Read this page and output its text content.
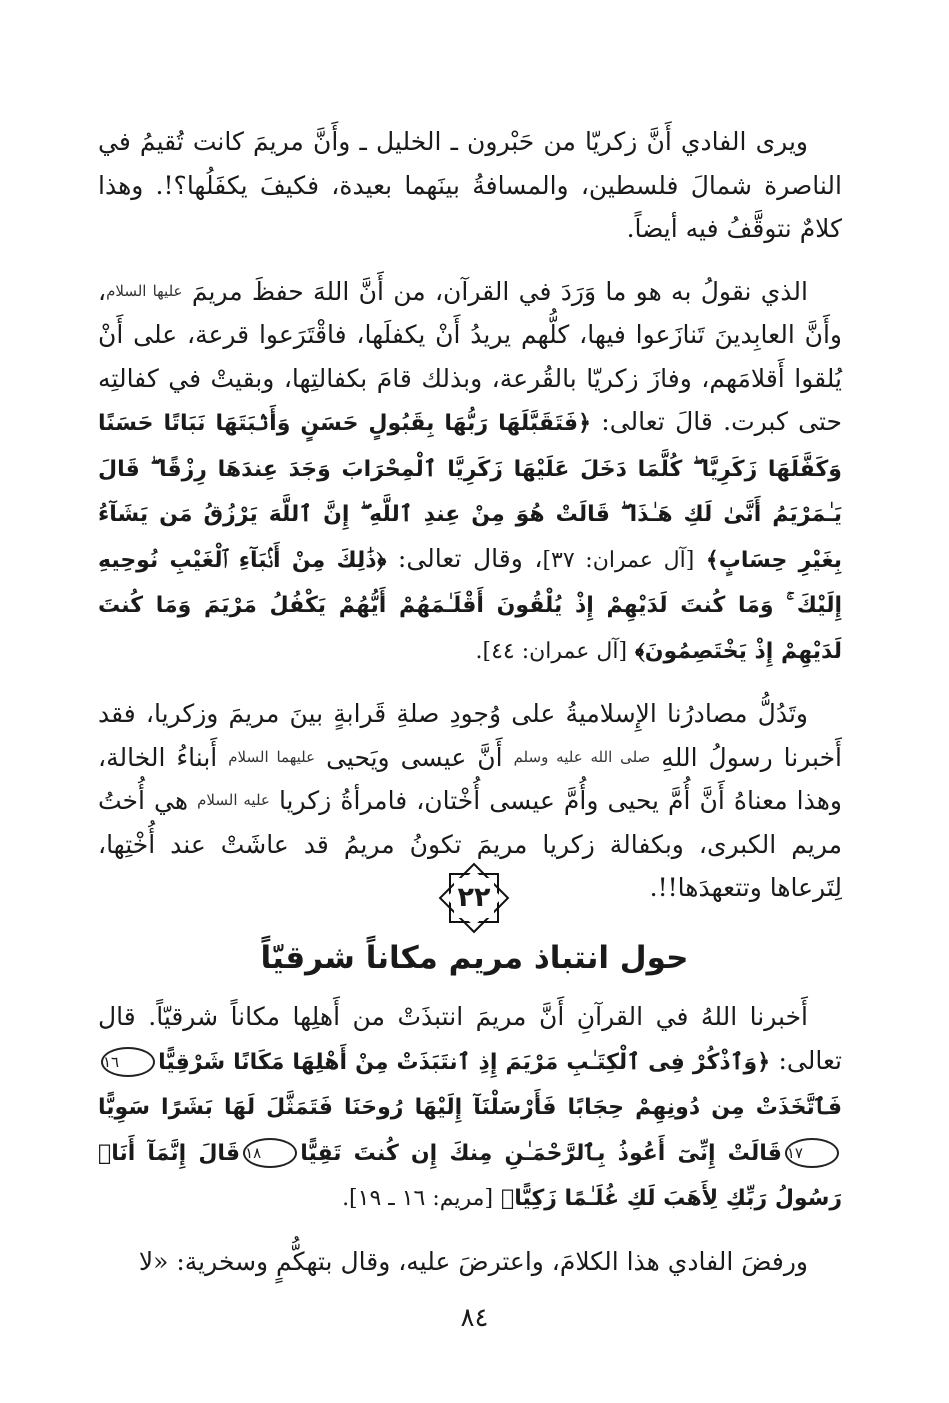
ويرى الفادي أَنَّ زكريّا من حَبْرون ـ الخليل ـ وأَنَّ مريمَ كانت تُقيمُ في الناصرة شمالَ فلسطين، والمسافةُ بينَهما بعيدة، فكيفَ يكفَلُها؟!. وهذا كلامٌ نتوقَّفُ فيه أيضاً.

الذي نقولُ به هو ما وَرَدَ في القرآن، من أَنَّ اللهَ حفظَ مريمَ عليها السلام، وأَنَّ العابِدينَ تَنازَعوا فيها، كلُّهم يريدُ أَنْ يكفلَها، فاقْتَرَعوا قرعة، على أَنْ يُلقوا أَقلامَهم، وفازَ زكريّا بالقُرعة، وبذلك قامَ بكفالتِها، وبقيتْ في كفالتِه حتى كبرت. قالَ تعالى: ﴿فَتَقَبَّلَهَا رَبُّهَا بِقَبُولٍ حَسَنٍ وَأَنۢبَتَهَا نَبَاتًا حَسَنًا وَكَفَّلَهَا زَكَرِيَّا ۖ كُلَّمَا دَخَلَ عَلَيْهَا زَكَرِيَّا ٱلْمِحْرَابَ وَجَدَ عِندَهَا رِزْقًا ۖ قَالَ يَـٰمَرْيَمُ أَنَّىٰ لَكِ هَـٰذَا ۖ قَالَتْ هُوَ مِنْ عِندِ ٱللَّهِ ۖ إِنَّ ٱللَّهَ يَرْزُقُ مَن يَشَآءُ بِغَيْرِ حِسَابٍ﴾ [آل عمران: ٣٧]، وقال تعالى: ﴿ذَٰلِكَ مِنْ أَنۢبَآءِ ٱلْغَيْبِ نُوحِيهِ إِلَيْكَ ۚ وَمَا كُنتَ لَدَيْهِمْ إِذْ يُلْقُونَ أَقْلَـٰمَهُمْ أَيُّهُمْ يَكْفُلُ مَرْيَمَ وَمَا كُنتَ لَدَيْهِمْ إِذْ يَخْتَصِمُونَ﴾ [آل عمران: ٤٤].

وتَدُلُّ مصادرُنا الإِسلاميةُ على وُجودِ صلةِ قَرابةٍ بينَ مريمَ وزكريا، فقد أَخبرنا رسولُ اللهِ صلى الله عليه وسلم أَنَّ عيسى ويَحيى عليهما السلام أَبناءُ الخالة، وهذا معناهُ أَنَّ أُمَّ يحيى وأُمَّ عيسى أُخْتان، فامرأةُ زكريا عليه السلام هي أُختُ مريم الكبرى، وبكفالة زكريا مريمَ تكونُ مريمُ قد عاشَتْ عند أُخْتِها، لِتَرعاها وتتعهدَها!!.

٢٢
حول انتباذ مريم مكاناً شرقيّاً

أَخبرنا اللهُ في القرآنِ أَنَّ مريمَ انتبذَتْ من أَهلِها مكاناً شرقيّاً. قال تعالى: ﴿وَٱذْكُرْ فِى ٱلْكِتَـٰبِ مَرْيَمَ إِذِ ٱنتَبَذَتْ مِنْ أَهْلِهَا مَكَانًا شَرْقِيًّا١٦فَٱتَّخَذَتْ مِن دُونِهِمْ حِجَابًا فَأَرْسَلْنَآ إِلَيْهَا رُوحَنَا فَتَمَثَّلَ لَهَا بَشَرًا سَوِيًّا١٧قَالَتْ إِنِّىٓ أَعُوذُ بِٱلرَّحْمَـٰنِ مِنكَ إِن كُنتَ تَقِيًّا١٨قَالَ إِنَّمَآ أَنَا۠ رَسُولُ رَبِّكِ لِأَهَبَ لَكِ غُلَـٰمًا زَكِيًّا﴾ [مريم: ١٦ ـ ١٩].

ورفضَ الفادي هذا الكلامَ، واعترضَ عليه، وقال بتهكُّمٍ وسخرية: «لا

٨٤
